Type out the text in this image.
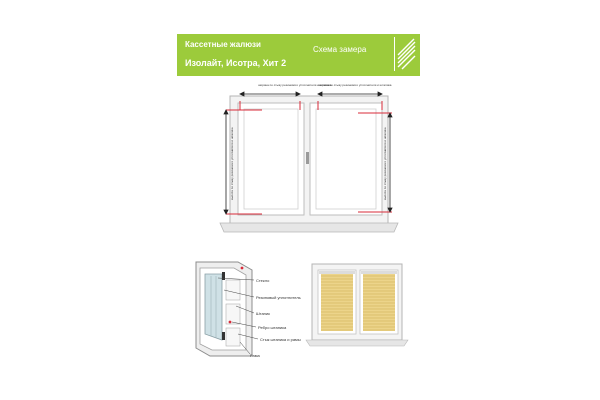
Кассетные жалюзи
Изолайт, Исотра, Хит 2
Схема замера
ширина по стыку резинового уплотнителя и штапика
ширина по стыку резинового уплотнителя и штапика
высота по стыку резинового уплотнителя и штапика	высота по стыку резинового уплотнителя и штапика
Стекло
Резиновый уплотнитель
Штапик
Ребро штапика
Стык штапика и рамы
Рама
